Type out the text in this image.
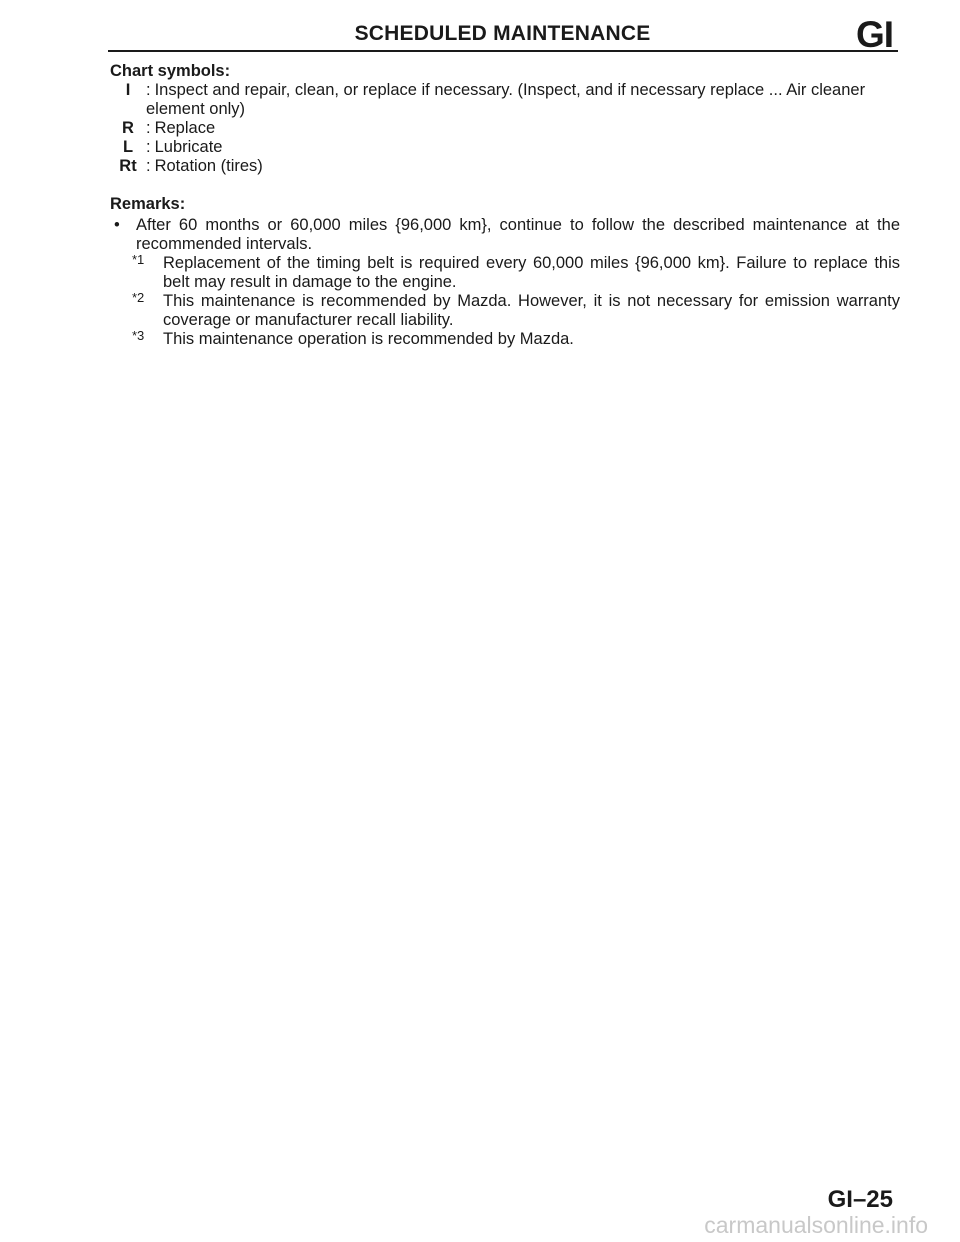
SCHEDULED MAINTENANCE	GI
Chart symbols:
I : Inspect and repair, clean, or replace if necessary. (Inspect, and if necessary replace ... Air cleaner element only)
R : Replace
L : Lubricate
Rt : Rotation (tires)
Remarks:
• After 60 months or 60,000 miles {96,000 km}, continue to follow the described maintenance at the recommended intervals.
*1	Replacement of the timing belt is required every 60,000 miles {96,000 km}. Failure to replace this belt may result in damage to the engine.
*2	This maintenance is recommended by Mazda. However, it is not necessary for emission warranty coverage or manufacturer recall liability.
*3	This maintenance operation is recommended by Mazda.
GI–25
carmanualsonline.info
